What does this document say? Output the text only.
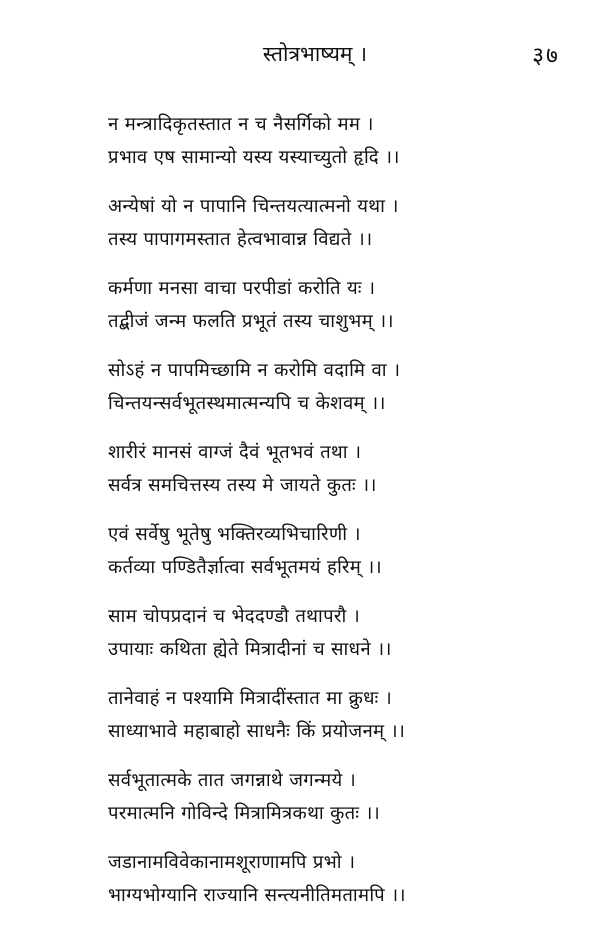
स्तोत्रभाष्यम् ।	३७
न मन्त्रादिकृतस्तात न च नैसर्गिको मम ।
प्रभाव एष सामान्यो यस्य यस्याच्युतो हृदि ।।
अन्येषां यो न पापानि चिन्तयत्यात्मनो यथा ।
तस्य पापागमस्तात हेत्वभावान्न विद्यते ।।
कर्मणा मनसा वाचा परपीडां करोति यः ।
तद्बीजं जन्म फलति प्रभूतं तस्य चाशुभम् ।।
सोऽहं न पापमिच्छामि न करोमि वदामि वा ।
चिन्तयन्सर्वभूतस्थमात्मन्यपि च केशवम् ।।
शारीरं मानसं वाग्जं दैवं भूतभवं तथा ।
सर्वत्र समचित्तस्य तस्य मे जायते कुतः ।।
एवं सर्वेषु भूतेषु भक्तिरव्यभिचारिणी ।
कर्तव्या पण्डितैर्ज्ञात्वा सर्वभूतमयं हरिम् ।।
साम चोपप्रदानं च भेददण्डौ तथापरौ ।
उपायाः कथिता ह्येते मित्रादीनां च साधने ।।
तानेवाहं न पश्यामि मित्रादींस्तात मा क्रुधः ।
साध्याभावे महाबाहो साधनैः किं प्रयोजनम् ।।
सर्वभूतात्मके तात जगन्नाथे जगन्मये ।
परमात्मनि गोविन्दे मित्रामित्रकथा कुतः ।।
जडानामविवेकानामशूराणामपि प्रभो ।
भाग्यभोग्यानि राज्यानि सन्त्यनीतिमतामपि ।।
